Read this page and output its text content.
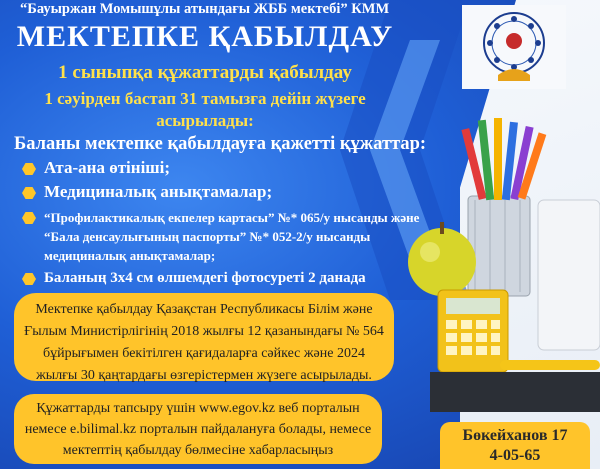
“Бауыржан Момышұлы атындағы ЖББ мектебі” КММ
МЕКТЕПКЕ ҚАБЫЛДАУ
1 сыныпқа құжаттарды қабылдау
1 сәуірден бастап 31 тамызға дейін жүзеге
асырылады:
Баланы мектепке қабылдауға қажетті құжаттар:
Ата-ана өтініші;
Медициналық анықтамалар;
“Профилактикалық екпелер картасы” №* 065/у нысанды және “Бала денсаулығының паспорты” №* 052-2/у нысанды медициналық анықтамалар;
Баланың 3х4 см өлшемдегі фотосуреті 2 данада
Мектепке қабылдау Қазақстан Республикасы Білім және Ғылым Министірлігінің 2018 жылғы 12 қазанындағы № 564 бұйрығымен бекітілген қағидаларға сәйкес және 2024 жылғы 30 қаңтардағы өзгерістермен жүзеге асырылады.
Құжаттарды тапсыру үшін www.egov.kz веб порталын немесе e.bilimal.kz порталын пайдалануға болады, немесе мектептің қабылдау бөлмесіне хабарласыңыз
Бөкейханов 17
4-05-65
